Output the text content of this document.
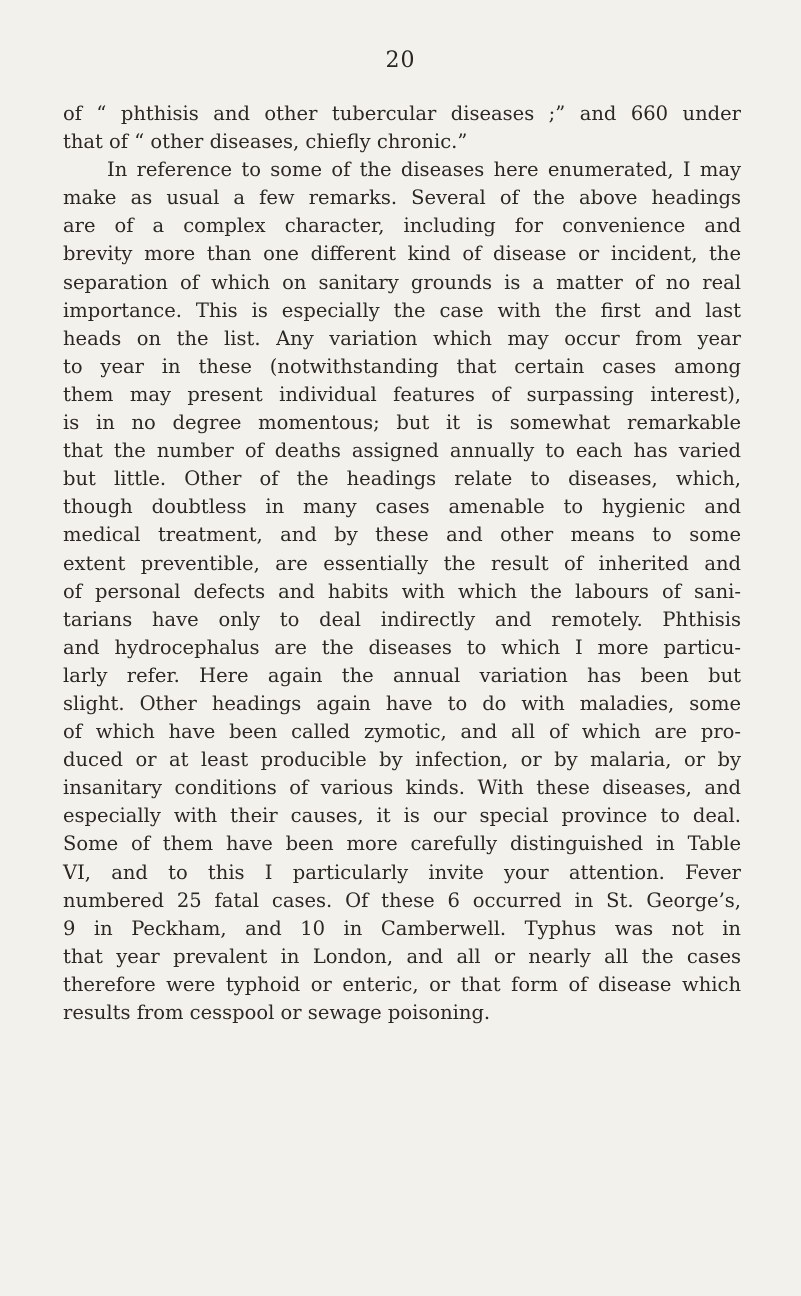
20
of “ phthisis and other tubercular diseases ;” and 660 under
that of “ other diseases, chiefly chronic.”
In reference to some of the diseases here enumerated, I may
make as usual a few remarks. Several of the above headings
are of a complex character, including for convenience and
brevity more than one different kind of disease or incident, the
separation of which on sanitary grounds is a matter of no real
importance. This is especially the case with the first and last
heads on the list. Any variation which may occur from year
to year in these (notwithstanding that certain cases among
them may present individual features of surpassing interest),
is in no degree momentous; but it is somewhat remarkable
that the number of deaths assigned annually to each has varied
but little. Other of the headings relate to diseases, which,
though doubtless in many cases amenable to hygienic and
medical treatment, and by these and other means to some
extent preventible, are essentially the result of inherited and
of personal defects and habits with which the labours of sani-
tarians have only to deal indirectly and remotely. Phthisis
and hydrocephalus are the diseases to which I more particu-
larly refer. Here again the annual variation has been but
slight. Other headings again have to do with maladies, some
of which have been called zymotic, and all of which are pro-
duced or at least producible by infection, or by malaria, or by
insanitary conditions of various kinds. With these diseases, and
especially with their causes, it is our special province to deal.
Some of them have been more carefully distinguished in Table
VI, and to this I particularly invite your attention. Fever
numbered 25 fatal cases. Of these 6 occurred in St. George’s,
9 in Peckham, and 10 in Camberwell. Typhus was not in
that year prevalent in London, and all or nearly all the cases
therefore were typhoid or enteric, or that form of disease which
results from cesspool or sewage poisoning.
